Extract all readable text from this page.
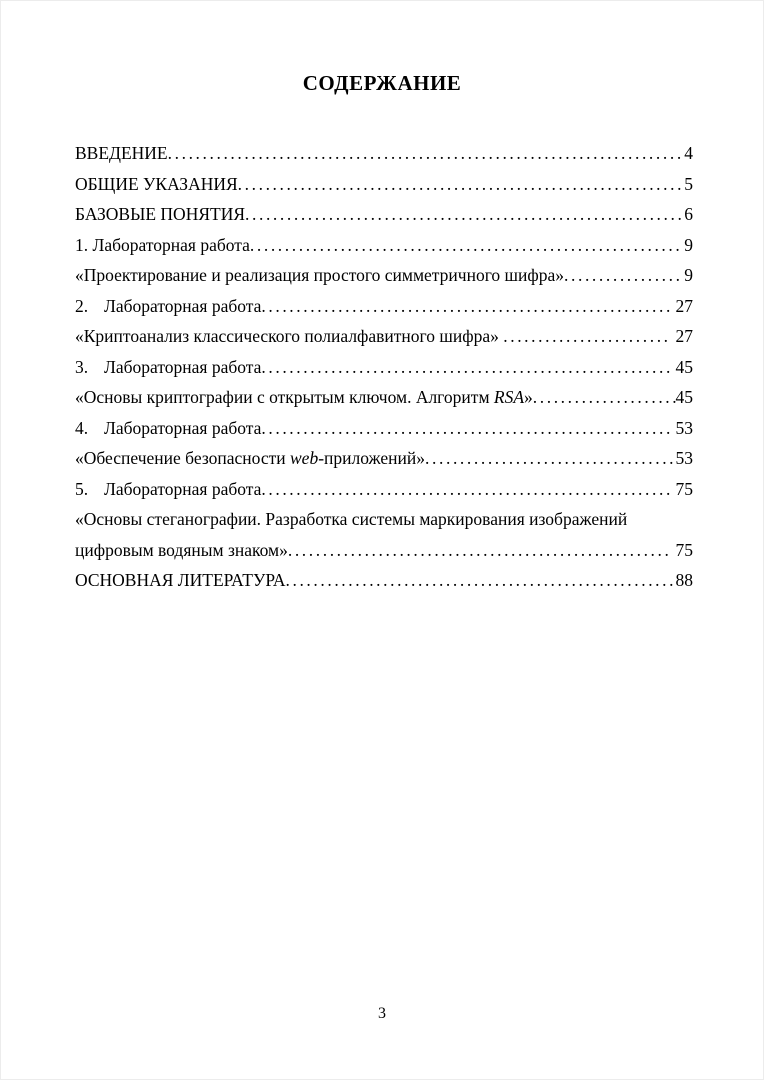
СОДЕРЖАНИЕ
ВВЕДЕНИЕ .....	4
ОБЩИЕ УКАЗАНИЯ .....	5
БАЗОВЫЕ ПОНЯТИЯ .....	6
1. Лабораторная работа .....	9
«Проектирование и реализация простого симметричного шифра» .....	9
2. Лабораторная работа .....	27
«Криптоанализ классического полиалфавитного шифра» .....	27
3. Лабораторная работа .....	45
«Основы криптографии с открытым ключом. Алгоритм RSA» .....	45
4. Лабораторная работа .....	53
«Обеспечение безопасности web-приложений» .....	53
5. Лабораторная работа .....	75
«Основы стеганографии. Разработка системы маркирования изображений
цифровым водяным знаком» .....	75
ОСНОВНАЯ ЛИТЕРАТУРА .....	88
3
